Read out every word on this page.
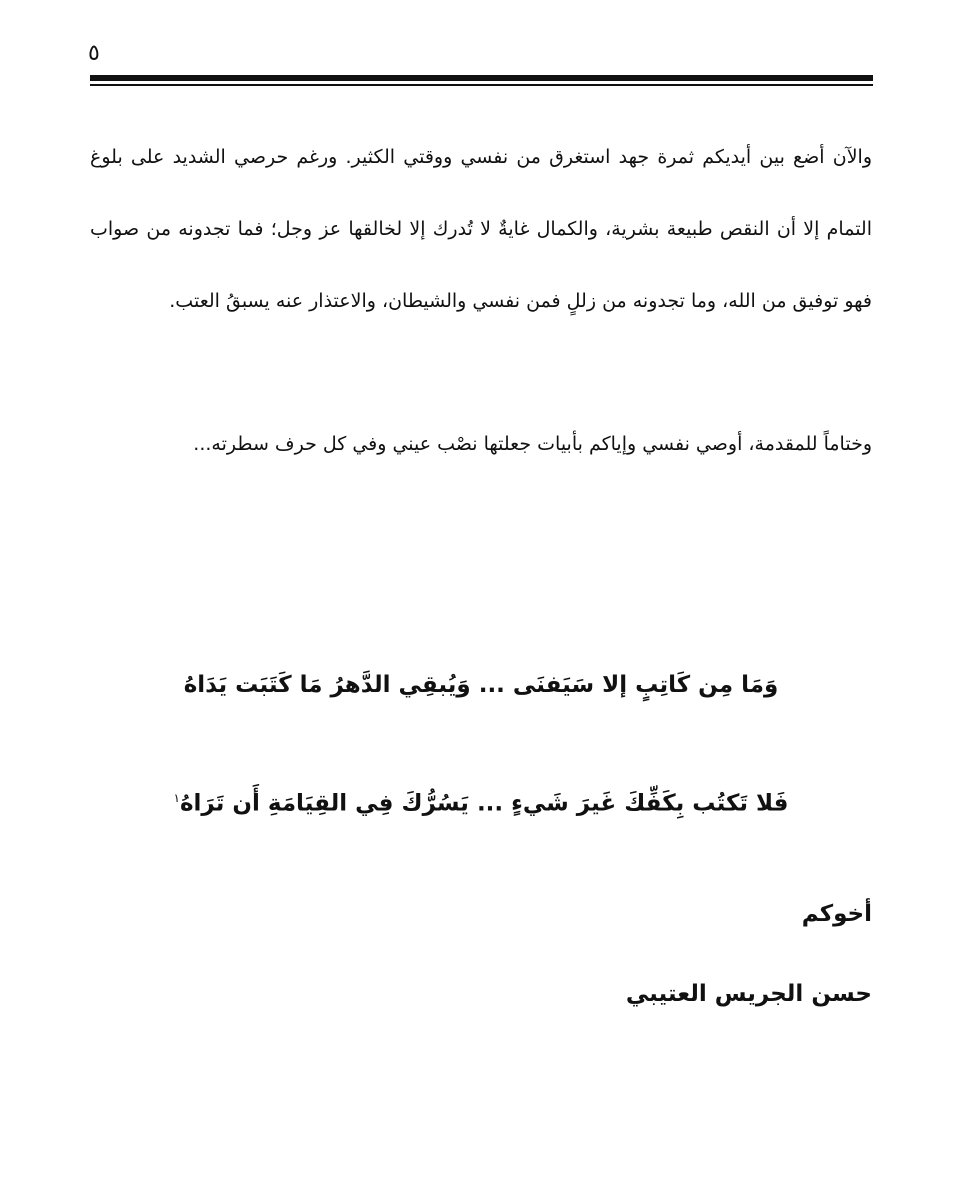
٥

والآن أضع بين أيديكم ثمرة جهد استغرق من نفسي ووقتي الكثير. ورغم حرصي الشديد على بلوغ التمام إلا أن النقص طبيعة بشرية، والكمال غايةٌ لا تُدرك إلا لخالقها عز وجل؛ فما تجدونه من صواب فهو توفيق من الله، وما تجدونه من زللٍ فمن نفسي والشيطان، والاعتذار عنه يسبقُ العتب.

وختاماً للمقدمة، أوصي نفسي وإياكم بأبيات جعلتها نصْب عيني وفي كل حرف سطرته...

وَمَا مِن كَاتِبٍ إلا سَيَفنَى ... وَيُبقِي الدَّهرُ مَا كَتَبَت يَدَاهُ
فَلا تَكتُب بِكَفِّكَ غَيرَ شَيءٍ ... يَسُرُّكَ فِي القِيَامَةِ أَن تَرَاهُ$^١$
أخوكم
حسن الجريس العتيبي
